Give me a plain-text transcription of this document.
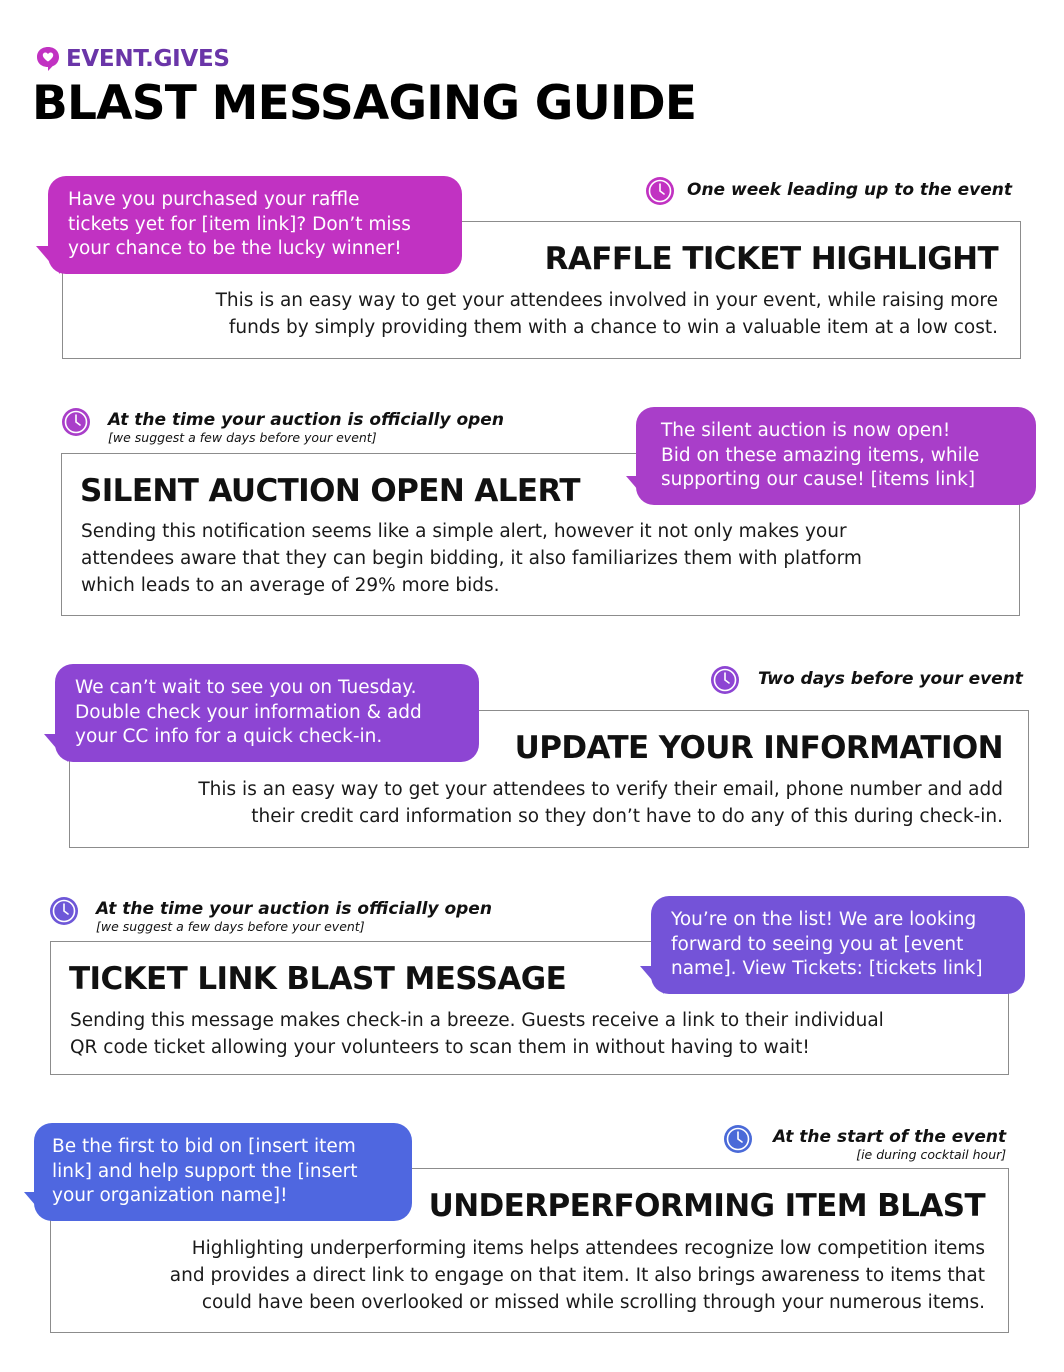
EVENT.GIVES
BLAST MESSAGING GUIDE
RAFFLE TICKET HIGHLIGHT
This is an easy way to get your attendees involved in your event, while raising more
funds by simply providing them with a chance to win a valuable item at a low cost.
One week leading up to the event
Have you purchased your raffle
tickets yet for [item link]? Don’t miss
your chance to be the lucky winner!
SILENT AUCTION OPEN ALERT
Sending this notification seems like a simple alert, however it not only makes your
attendees aware that they can begin bidding, it also familiarizes them with platform
which leads to an average of 29% more bids.
At the time your auction is officially open
[we suggest a few days before your event]	The silent auction is now open!
Bid on these amazing items, while
supporting our cause! [items link]
UPDATE YOUR INFORMATION
This is an easy way to get your attendees to verify their email, phone number and add
their credit card information so they don’t have to do any of this during check-in.
Two days before your event
We can’t wait to see you on Tuesday.
Double check your information & add
your CC info for a quick check-in.
TICKET LINK BLAST MESSAGE
Sending this message makes check-in a breeze. Guests receive a link to their individual
QR code ticket allowing your volunteers to scan them in without having to wait!
At the time your auction is officially open
[we suggest a few days before your event]	You’re on the list! We are looking
forward to seeing you at [event
name]. View Tickets: [tickets link]
UNDERPERFORMING ITEM BLAST
Highlighting underperforming items helps attendees recognize low competition items
and provides a direct link to engage on that item. It also brings awareness to items that
could have been overlooked or missed while scrolling through your numerous items.
At the start of the event
[ie during cocktail hour]
Be the first to bid on [insert item
link] and help support the [insert
your organization name]!
